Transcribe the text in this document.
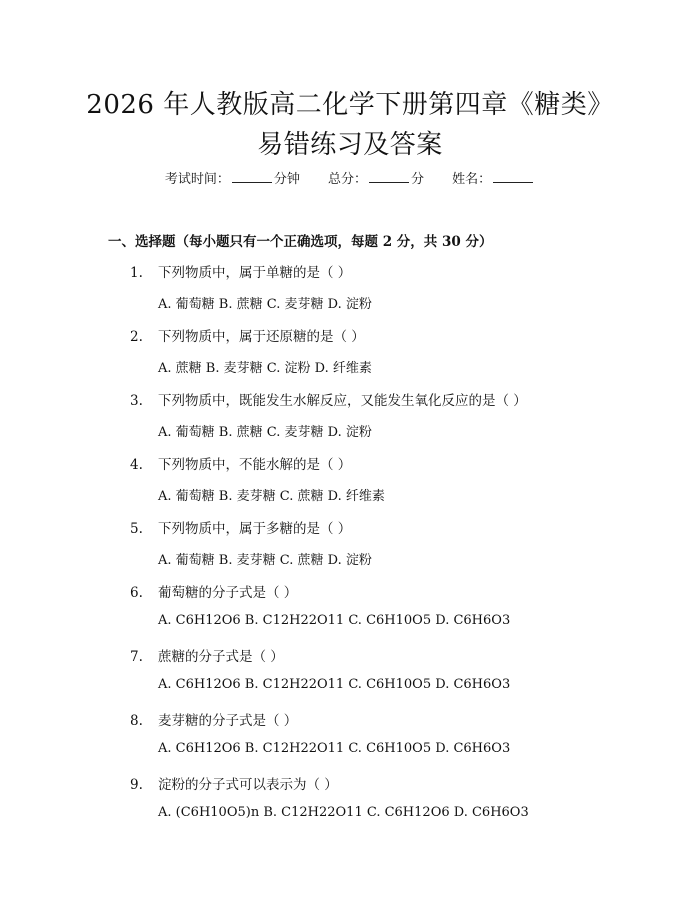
2026 年人教版高二化学下册第四章《糖类》
易错练习及答案
考试时间：	分钟 总分：	分 姓名：
一、选择题（每小题只有一个正确选项，每题 2 分，共 30 分）
1. 下列物质中，属于单糖的是（ ）
A. 葡萄糖 B. 蔗糖 C. 麦芽糖 D. 淀粉
2. 下列物质中，属于还原糖的是（ ）
A. 蔗糖 B. 麦芽糖 C. 淀粉 D. 纤维素
3. 下列物质中，既能发生水解反应，又能发生氧化反应的是（ ）
A. 葡萄糖 B. 蔗糖 C. 麦芽糖 D. 淀粉
4. 下列物质中，不能水解的是（ ）
A. 葡萄糖 B. 麦芽糖 C. 蔗糖 D. 纤维素
5. 下列物质中，属于多糖的是（ ）
A. 葡萄糖 B. 麦芽糖 C. 蔗糖 D. 淀粉
6. 葡萄糖的分子式是（ ）
A. C6H12O6 B. C12H22O11 C. C6H10O5 D. C6H6O3
7. 蔗糖的分子式是（ ）
A. C6H12O6 B. C12H22O11 C. C6H10O5 D. C6H6O3
8. 麦芽糖的分子式是（ ）
A. C6H12O6 B. C12H22O11 C. C6H10O5 D. C6H6O3
9. 淀粉的分子式可以表示为（ ）
A. (C6H10O5)n B. C12H22O11 C. C6H12O6 D. C6H6O3
